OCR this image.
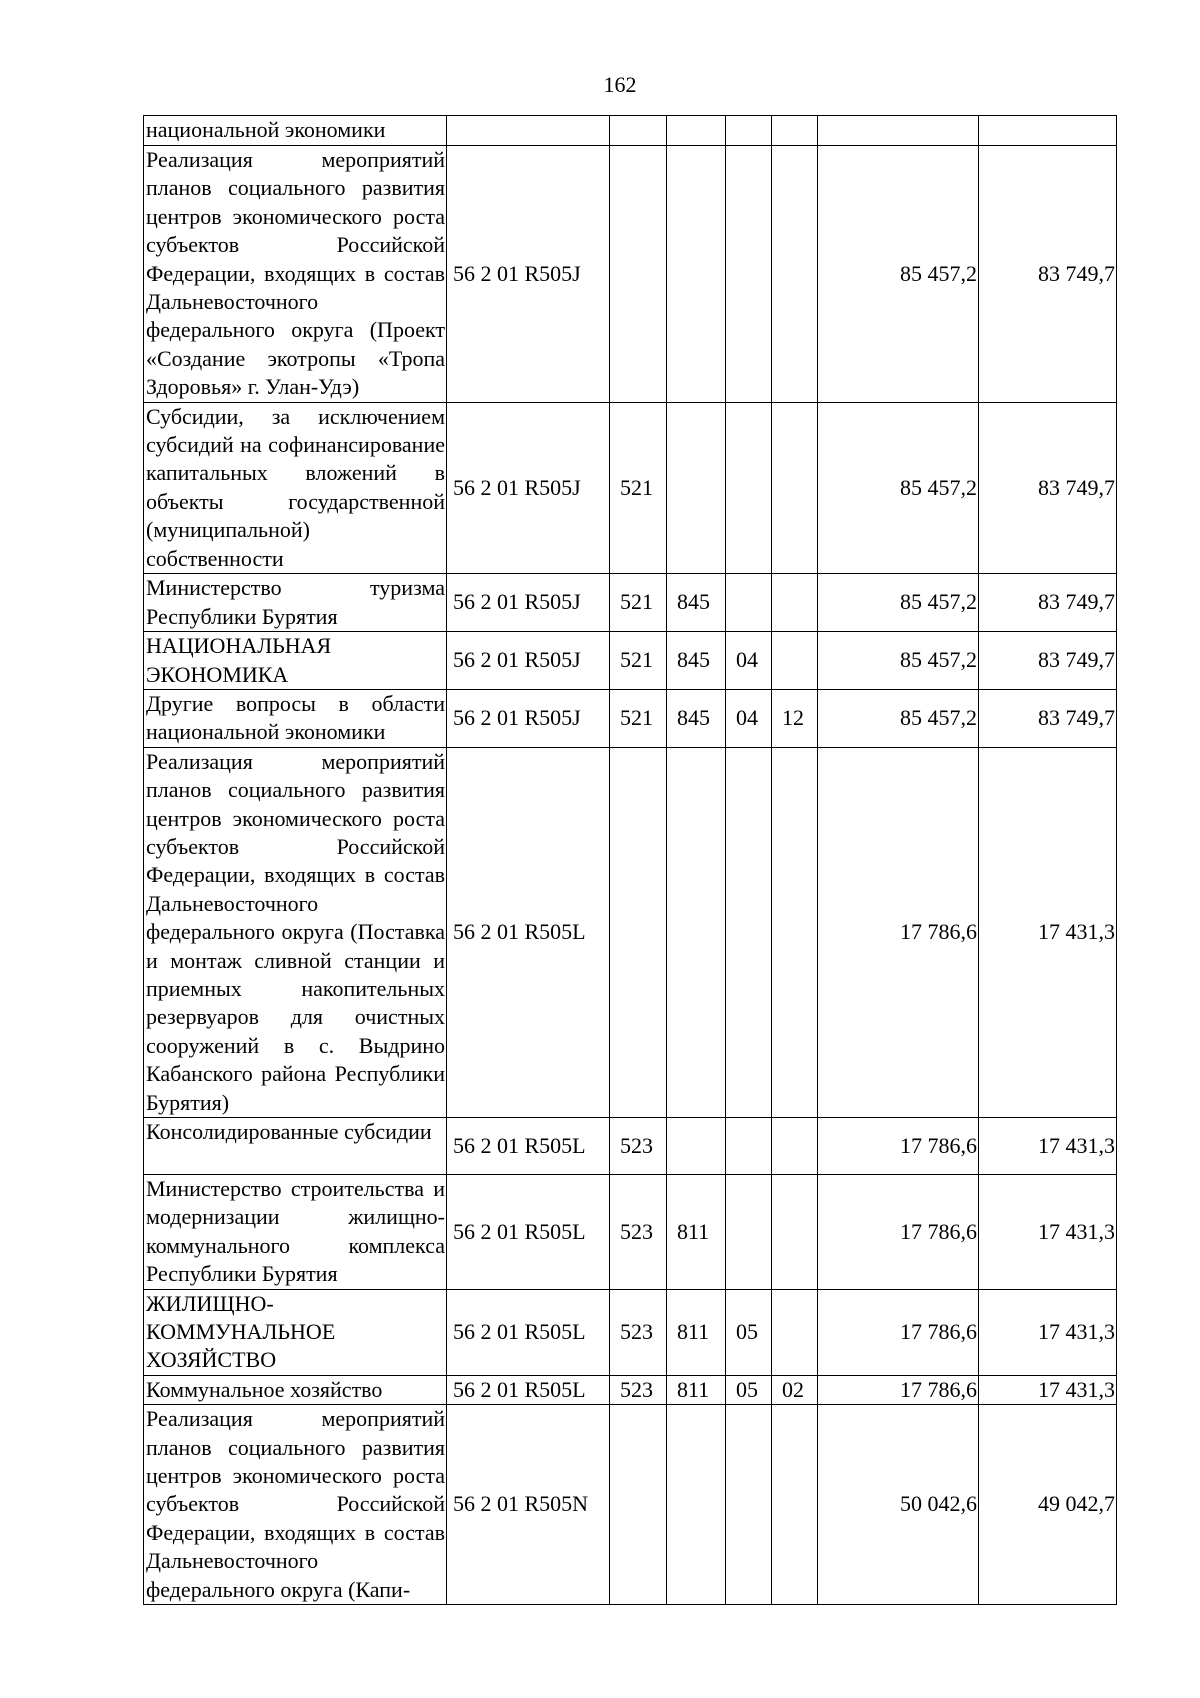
162
национальной экономики							
Реализация мероприятий планов социального развития центров экономического роста субъектов Российской Федерации, входящих в состав Дальневосточного федерального округа (Проект «Создание экотропы «Тропа Здоровья» г. Улан-Удэ)	56 2 01 R505J					85 457,2	83 749,7
Субсидии, за исключением субсидий на софинансирование капитальных вложений в объекты государственной (муниципальной) собственности	56 2 01 R505J	521				85 457,2	83 749,7
Министерство туризма Республики Бурятия	56 2 01 R505J	521	845			85 457,2	83 749,7
НАЦИОНАЛЬНАЯ ЭКОНОМИКА	56 2 01 R505J	521	845	04		85 457,2	83 749,7
Другие вопросы в области национальной экономики	56 2 01 R505J	521	845	04	12	85 457,2	83 749,7
Реализация мероприятий планов социального развития центров экономического роста субъектов Российской Федерации, входящих в состав Дальневосточного федерального округа (Поставка и монтаж сливной станции и приемных накопительных резервуаров для очистных сооружений в с. Выдрино Кабанского района Республики Бурятия)	56 2 01 R505L					17 786,6	17 431,3
Консолидированные субсидии	56 2 01 R505L	523				17 786,6	17 431,3
Министерство строительства и модернизации жилищно-коммунального комплекса Республики Бурятия	56 2 01 R505L	523	811			17 786,6	17 431,3
ЖИЛИЩНО-КОММУНАЛЬНОЕ ХОЗЯЙСТВО	56 2 01 R505L	523	811	05		17 786,6	17 431,3
Коммунальное хозяйство	56 2 01 R505L	523	811	05	02	17 786,6	17 431,3
Реализация мероприятий планов социального развития центров экономического роста субъектов Российской Федерации, входящих в состав Дальневосточного федерального округа (Капи-	56 2 01 R505N					50 042,6	49 042,7
